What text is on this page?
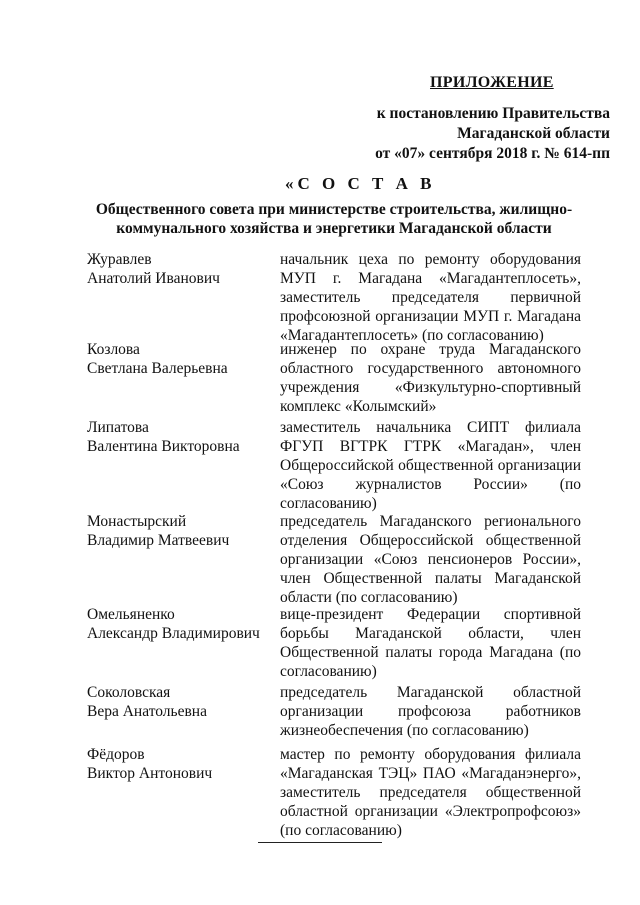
ПРИЛОЖЕНИЕ
к постановлению Правительства
Магаданской области
от «07» сентября 2018 г. № 614-пп
«С О С Т А В
Общественного совета при министерстве строительства, жилищно-
коммунального хозяйства и энергетики Магаданской области
Журавлев
Анатолий Иванович
начальник цеха по ремонту оборудования МУП г. Магадана «Магадантеплосеть», заместитель председателя первичной профсоюзной организации МУП г. Магадана «Магадантеплосеть» (по согласованию)
Козлова
Светлана Валерьевна
инженер по охране труда Магаданского областного государственного автономного учреждения «Физкультурно-спортивный комплекс «Колымский»
Липатова
Валентина Викторовна
заместитель начальника СИПТ филиала ФГУП ВГТРК ГТРК «Магадан», член Общероссийской общественной организации «Союз журналистов России» (по согласованию)
Монастырский
Владимир Матвеевич
председатель Магаданского регионального отделения Общероссийской общественной организации «Союз пенсионеров России», член Общественной палаты Магаданской области (по согласованию)
Омельяненко
Александр Владимирович
вице-президент Федерации спортивной борьбы Магаданской области, член Общественной палаты города Магадана (по согласованию)
Соколовская
Вера Анатольевна
председатель Магаданской областной организации профсоюза работников жизнеобеспечения (по согласованию)
Фёдоров
Виктор Антонович
мастер по ремонту оборудования филиала «Магаданская ТЭЦ» ПАО «Магаданэнерго», заместитель председателя общественной областной организации «Электропрофсоюз» (по согласованию)
